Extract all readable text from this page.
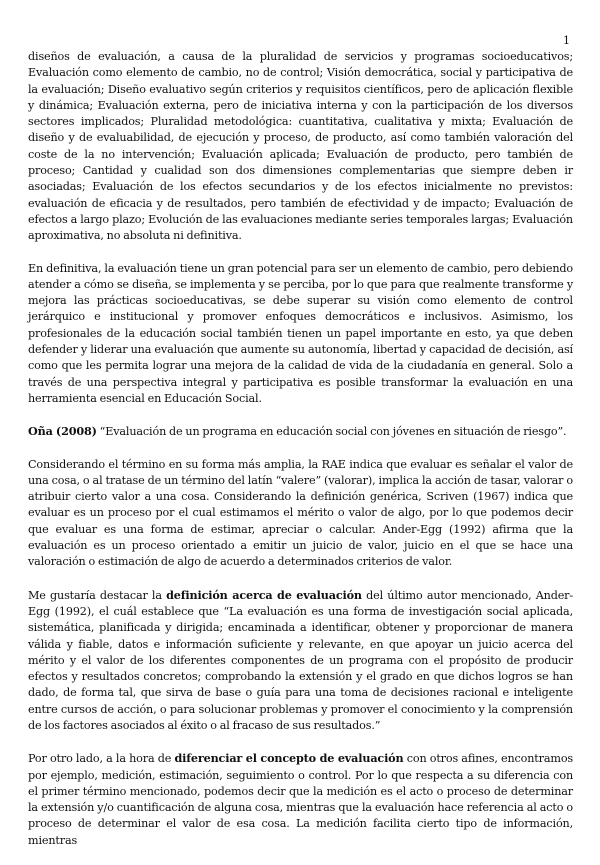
1

diseños de evaluación, a causa de la pluralidad de servicios y programas socioeducativos; Evaluación como elemento de cambio, no de control; Visión democrática, social y participativa de la evaluación; Diseño evaluativo según criterios y requisitos científicos, pero de aplicación flexible y dinámica; Evaluación externa, pero de iniciativa interna y con la participación de los diversos sectores implicados; Pluralidad metodológica: cuantitativa, cualitativa y mixta; Evaluación de diseño y de evaluabilidad, de ejecución y proceso, de producto, así como también valoración del coste de la no intervención; Evaluación aplicada; Evaluación de producto, pero también de proceso; Cantidad y cualidad son dos dimensiones complementarias que siempre deben ir asociadas; Evaluación de los efectos secundarios y de los efectos inicialmente no previstos: evaluación de eficacia y de resultados, pero también de efectividad y de impacto; Evaluación de efectos a largo plazo; Evolución de las evaluaciones mediante series temporales largas; Evaluación aproximativa, no absoluta ni definitiva.

En definitiva, la evaluación tiene un gran potencial para ser un elemento de cambio, pero debiendo atender a cómo se diseña, se implementa y se perciba, por lo que para que realmente transforme y mejora las prácticas socioeducativas, se debe superar su visión como elemento de control jerárquico e institucional y promover enfoques democráticos e inclusivos. Asimismo, los profesionales de la educación social también tienen un papel importante en esto, ya que deben defender y liderar una evaluación que aumente su autonomía, libertad y capacidad de decisión, así como que les permita lograr una mejora de la calidad de vida de la ciudadanía en general. Solo a través de una perspectiva integral y participativa es posible transformar la evaluación en una herramienta esencial en Educación Social.

Oña (2008) “Evaluación de un programa en educación social con jóvenes en situación de riesgo”.

Considerando el término en su forma más amplia, la RAE indica que evaluar es señalar el valor de una cosa, o al tratase de un término del latín “valere” (valorar), implica la acción de tasar, valorar o atribuir cierto valor a una cosa. Considerando la definición genérica, Scriven (1967) indica que evaluar es un proceso por el cual estimamos el mérito o valor de algo, por lo que podemos decir que evaluar es una forma de estimar, apreciar o calcular. Ander-Egg (1992) afirma que la evaluación es un proceso orientado a emitir un juicio de valor, juicio en el que se hace una valoración o estimación de algo de acuerdo a determinados criterios de valor.

Me gustaría destacar la definición acerca de evaluación del último autor mencionado, Ander-Egg (1992), el cuál establece que “La evaluación es una forma de investigación social aplicada, sistemática, planificada y dirigida; encaminada a identificar, obtener y proporcionar de manera válida y fiable, datos e información suficiente y relevante, en que apoyar un juicio acerca del mérito y el valor de los diferentes componentes de un programa con el propósito de producir efectos y resultados concretos; comprobando la extensión y el grado en que dichos logros se han dado, de forma tal, que sirva de base o guía para una toma de decisiones racional e inteligente entre cursos de acción, o para solucionar problemas y promover el conocimiento y la comprensión de los factores asociados al éxito o al fracaso de sus resultados.”

Por otro lado, a la hora de diferenciar el concepto de evaluación con otros afines, encontramos por ejemplo, medición, estimación, seguimiento o control. Por lo que respecta a su diferencia con el primer término mencionado, podemos decir que la medición es el acto o proceso de determinar la extensión y/o cuantificación de alguna cosa, mientras que la evaluación hace referencia al acto o proceso de determinar el valor de esa cosa. La medición facilita cierto tipo de información, mientras
